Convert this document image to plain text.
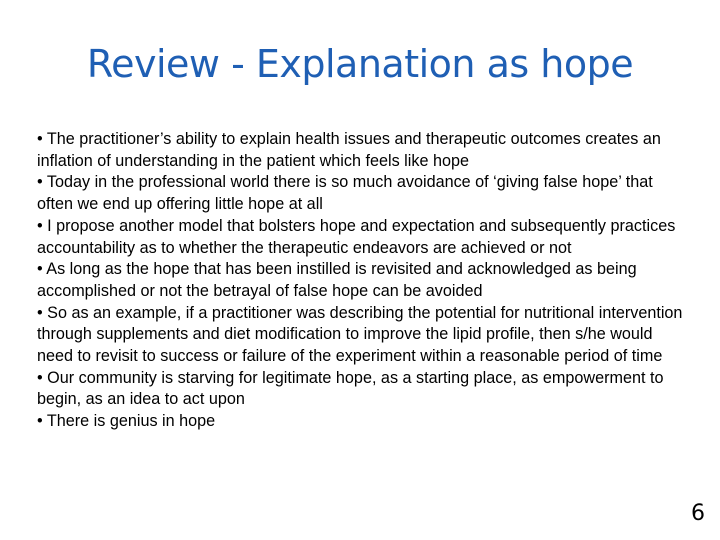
Review - Explanation as hope
• The practitioner’s ability to explain health issues and therapeutic outcomes creates an inflation of understanding in the patient which feels like hope
• Today in the professional world there is so much avoidance of ‘giving false hope’ that often we end up offering little hope at all
• I propose another model that bolsters hope and expectation and subsequently practices accountability as to whether the therapeutic endeavors are achieved or not
• As long as the hope that has been instilled is revisited and acknowledged as being accomplished or not the betrayal of false hope can be avoided
• So as an example, if a practitioner was describing the potential for nutritional intervention through supplements and diet modification to improve the lipid profile, then s/he would need to revisit to success or failure of the experiment within a reasonable period of time
• Our community is starving for legitimate hope, as a starting place, as empowerment to begin, as an idea to act upon
• There is genius in hope
6
